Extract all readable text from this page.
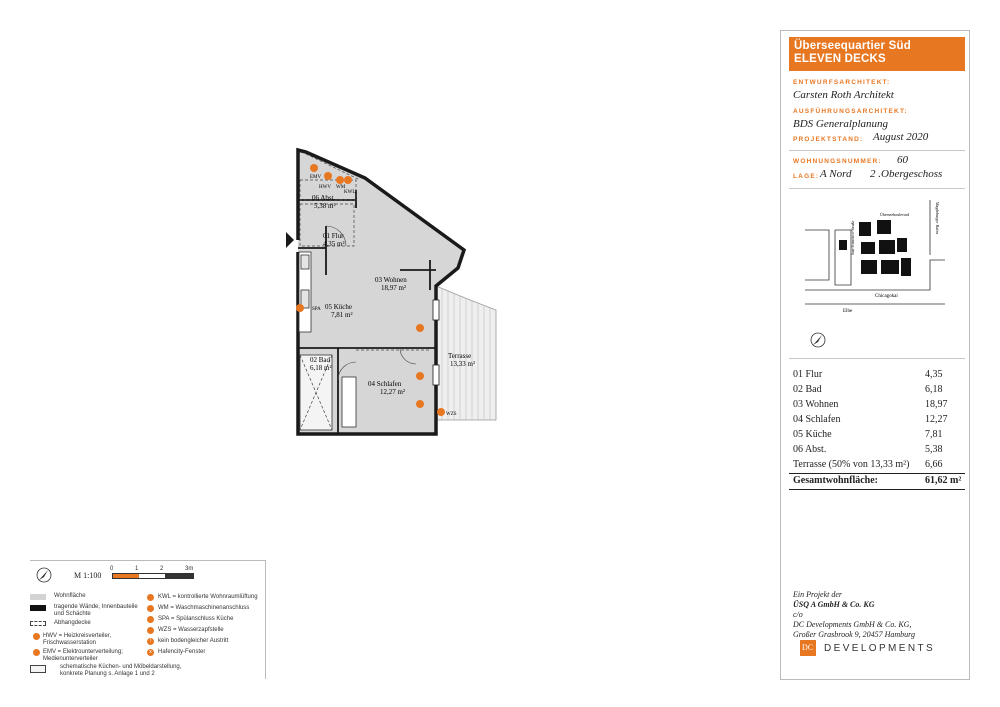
06 Abst.
5,38 m²
01 Flur
4,35 m²
03 Wohnen
18,97 m²
05 Küche
7,81 m²
02 Bad
6,18 m²
04 Schlafen
12,27 m²
Terrasse
13,33 m²
EMV
HWV WM
KWL
SPA
WZS
M 1:100
0	1	2	3m
Wohnfläche
tragende Wände, Innenbauteile und Schächte
Abhangdecke
HWV = Heizkreisverteiler, Frischwasserstation
EMV = Elektrounterverteilung; Medienunterverteiler
schematische Küchen- und Möbeldarstellung, konkrete Planung s. Anlage 1 und 2
KWL = kontrollierte Wohnraumlüftung
WM = Waschmaschinenanschluss
SPA = Spülanschluss Küche
WZS = Wasserzapfstelle
!	kein bodengleicher Austritt
x	Hafencity-Fenster
Überseequartier Süd
ELEVEN DECKS
ENTWURFSARCHITEKT:
Carsten Roth Architekt
AUSFÜHRUNGSARCHITEKT:
BDS Generalplanung
PROJEKTSTAND: August 2020
WOHNUNGSNUMMER: 60
LAGE: A Nord 2 .Obergeschoss
Chicagokai
Elbe
Magdeburger Hafen
San-Francisco-Straße
Überseeboulevard
01 Flur	4,35
02 Bad	6,18
03 Wohnen	18,97
04 Schlafen	12,27
05 Küche	7,81
06 Abst.	5,38
Terrasse (50% von 13,33 m²) 6,66
Gesamtwohnfläche:	61,62 m²
Ein Projekt der
ÜSQ A GmbH & Co. KG
c/o
DC Developments GmbH & Co. KG,
Großer Grasbrook 9, 20457 Hamburg
DC DEVELOPMENTS
